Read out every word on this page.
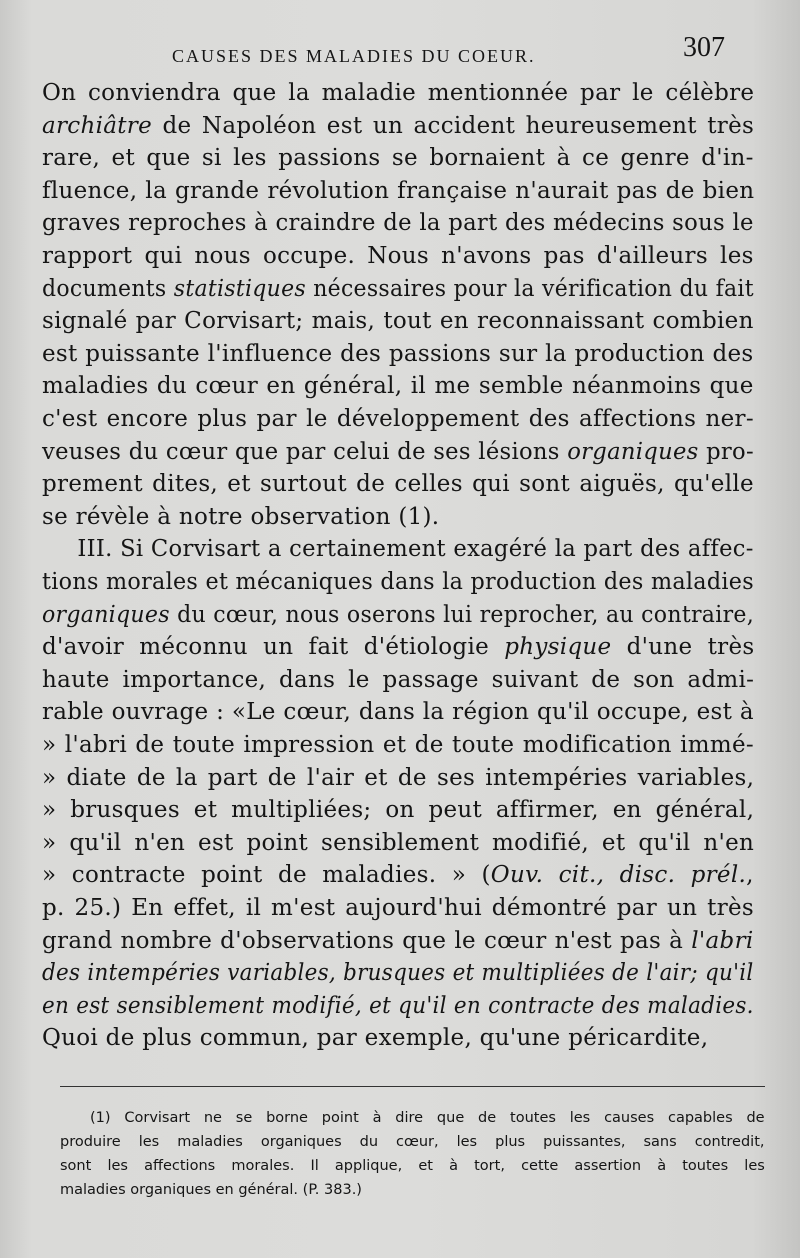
CAUSES DES MALADIES DU COEUR.	307
On conviendra que la maladie mentionnée par le célèbre
archiâtre de Napoléon est un accident heureusement très
rare, et que si les passions se bornaient à ce genre d'in-
fluence, la grande révolution française n'aurait pas de bien
graves reproches à craindre de la part des médecins sous le
rapport qui nous occupe. Nous n'avons pas d'ailleurs les
documents statistiques nécessaires pour la vérification du fait
signalé par Corvisart; mais, tout en reconnaissant combien
est puissante l'influence des passions sur la production des
maladies du cœur en général, il me semble néanmoins que
c'est encore plus par le développement des affections ner-
veuses du cœur que par celui de ses lésions organiques pro-
prement dites, et surtout de celles qui sont aiguës, qu'elle
se révèle à notre observation (1).
III. Si Corvisart a certainement exagéré la part des affec-
tions morales et mécaniques dans la production des maladies
organiques du cœur, nous oserons lui reprocher, au contraire,
d'avoir méconnu un fait d'étiologie physique d'une très
haute importance, dans le passage suivant de son admi-
rable ouvrage : «Le cœur, dans la région qu'il occupe, est à
» l'abri de toute impression et de toute modification immé-
» diate de la part de l'air et de ses intempéries variables,
» brusques et multipliées; on peut affirmer, en général,
» qu'il n'en est point sensiblement modifié, et qu'il n'en
» contracte point de maladies. » (Ouv. cit., disc. prél.,
p. 25.) En effet, il m'est aujourd'hui démontré par un très
grand nombre d'observations que le cœur n'est pas à l'abri
des intempéries variables, brusques et multipliées de l'air; qu'il
en est sensiblement modifié, et qu'il en contracte des maladies.
Quoi de plus commun, par exemple, qu'une péricardite,
(1) Corvisart ne se borne point à dire que de toutes les causes capables de
produire les maladies organiques du cœur, les plus puissantes, sans contredit,
sont les affections morales. Il applique, et à tort, cette assertion à toutes les
maladies organiques en général. (P. 383.)
